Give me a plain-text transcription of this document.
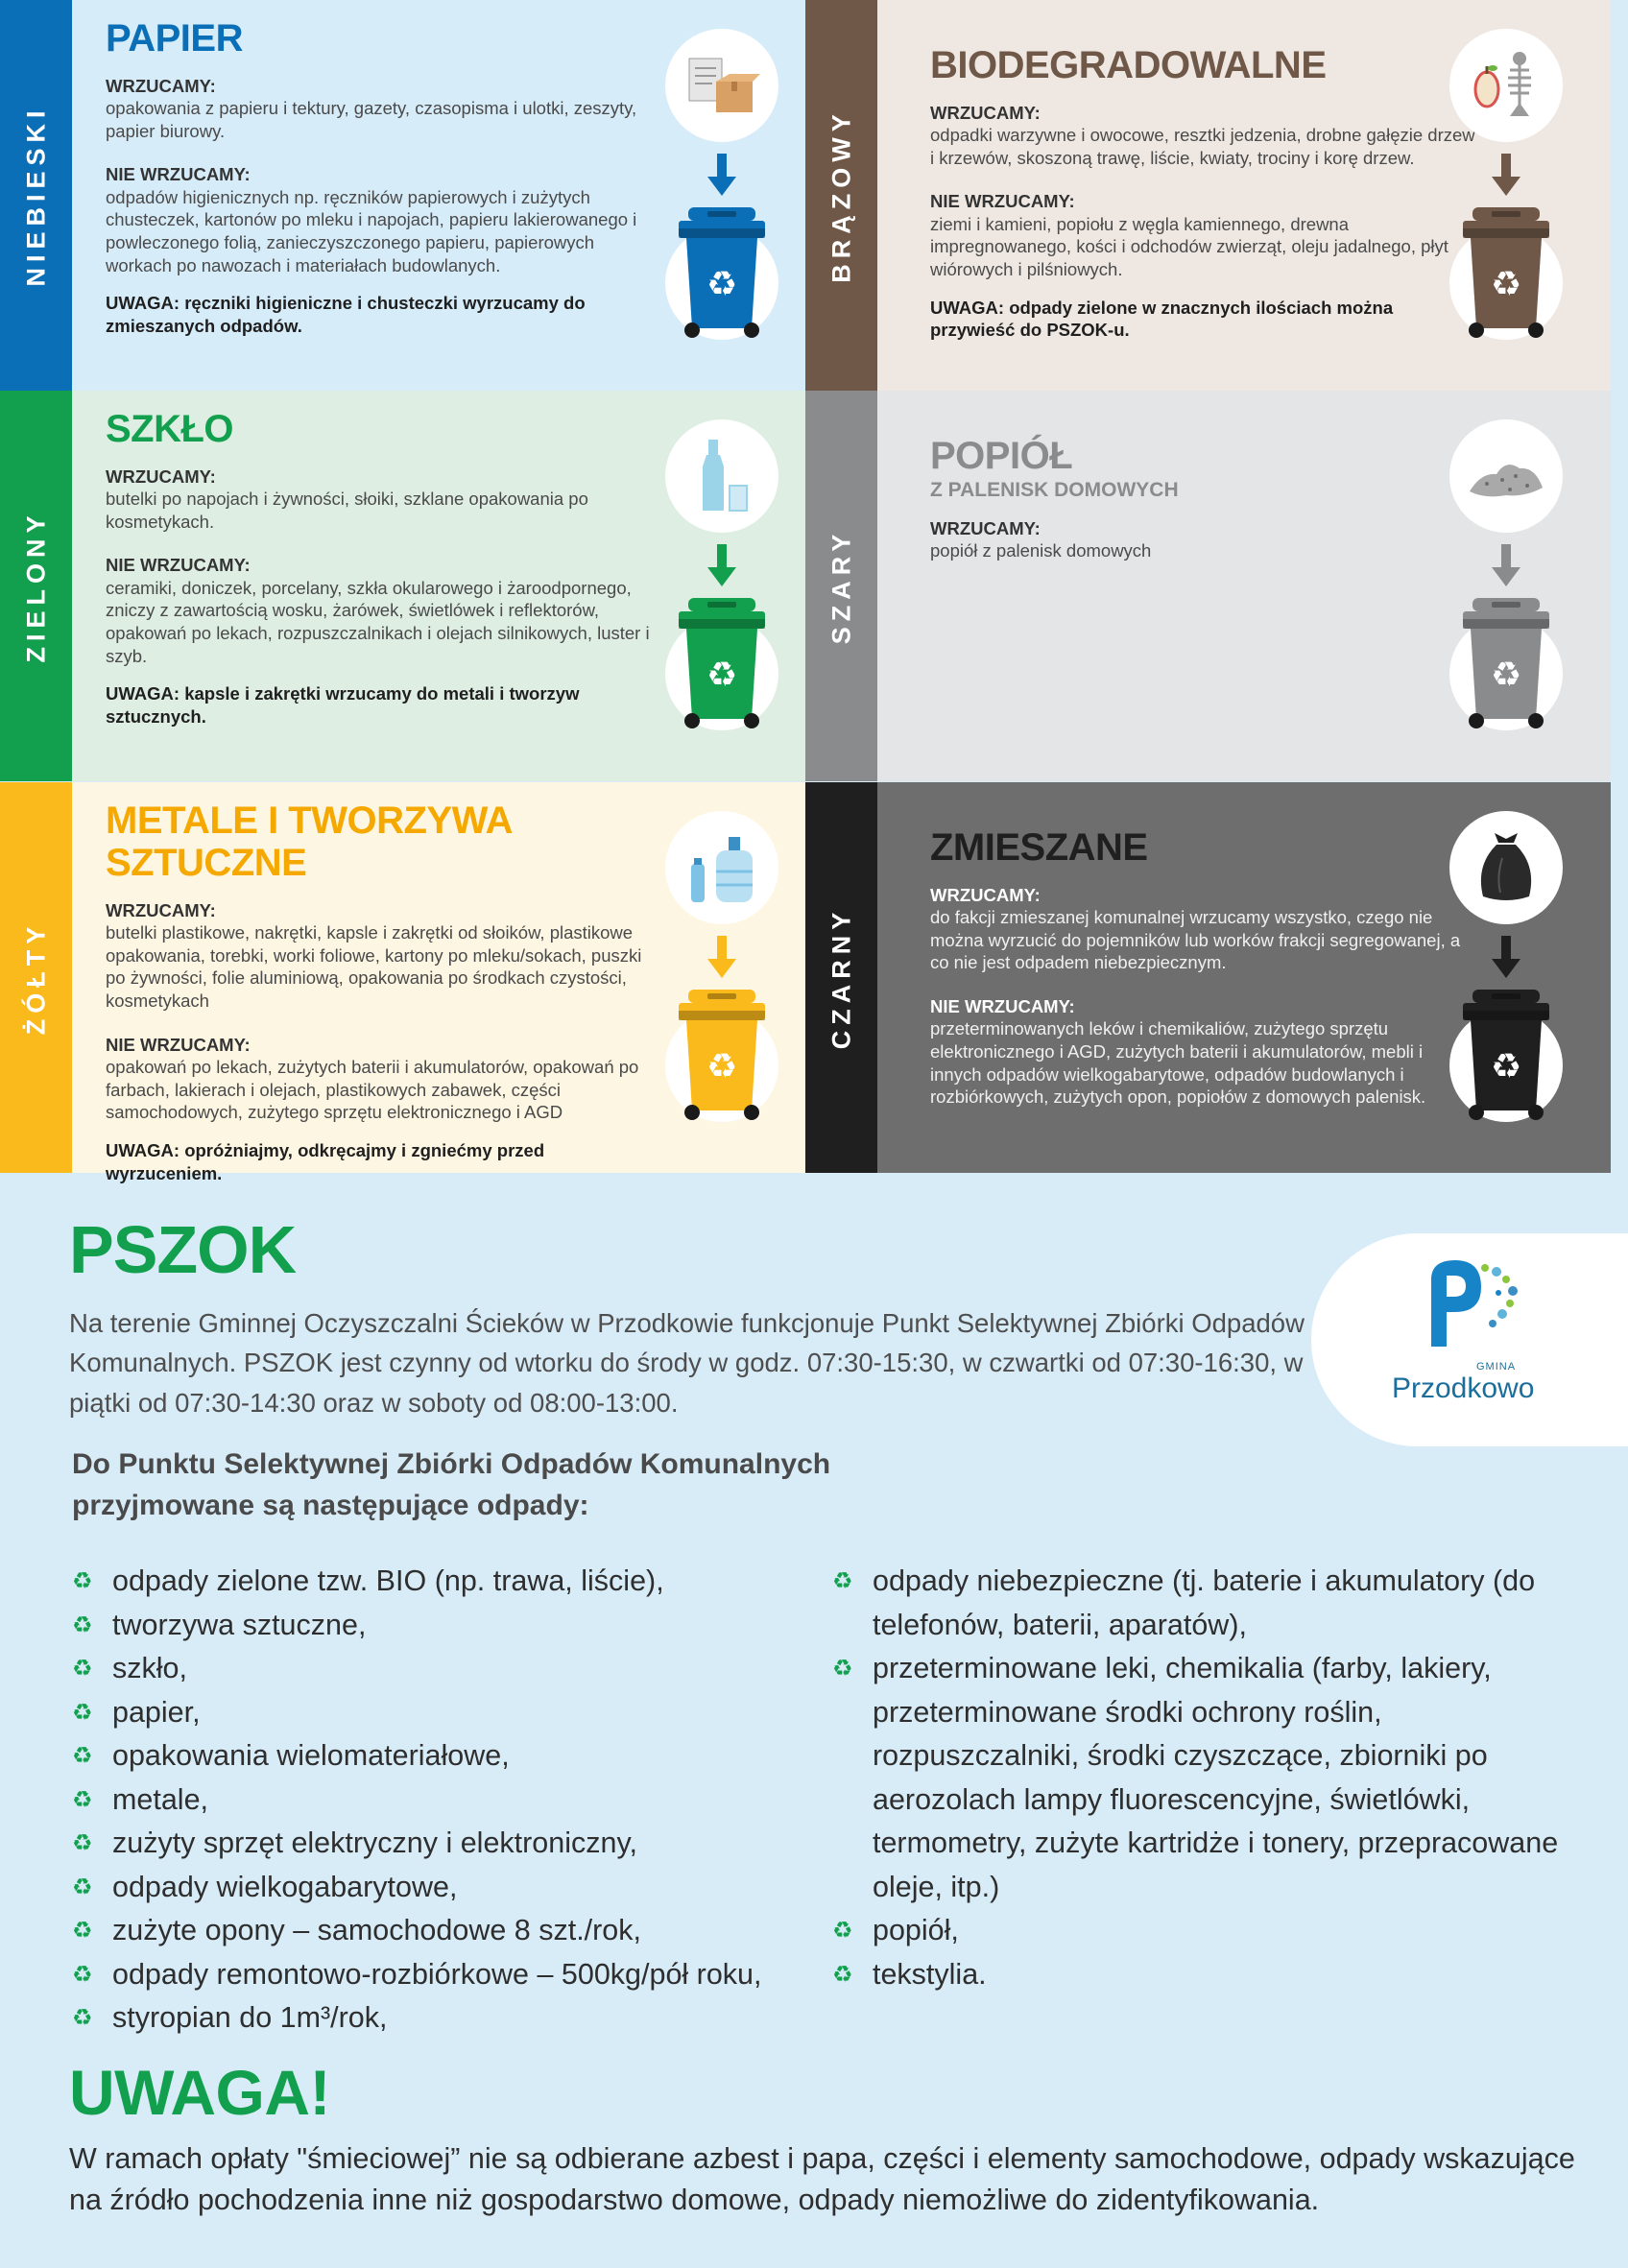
NIEBIESKI
PAPIER
WRZUCAMY:
opakowania z papieru i tektury, gazety, czasopisma i ulotki, zeszyty, papier biurowy.
NIE WRZUCAMY:
odpadów higienicznych np. ręczników papierowych i zużytych chusteczek, kartonów po mleku i napojach, papieru lakierowanego i powleczonego folią, zanieczyszczonego papieru, papierowych workach po nawozach i materiałach budowlanych.
UWAGA: ręczniki higieniczne i chusteczki wyrzucamy do zmieszanych odpadów.
♻
BRĄZOWY
BIODEGRADOWALNE
WRZUCAMY:
odpadki warzywne i owocowe, resztki jedzenia, drobne gałęzie drzew i krzewów, skoszoną trawę, liście, kwiaty, trociny i korę drzew.
NIE WRZUCAMY:
ziemi i kamieni, popiołu z węgla kamiennego, drewna impregnowanego, kości i odchodów zwierząt, oleju jadalnego, płyt wiórowych i pilśniowych.
UWAGA: odpady zielone w znacznych ilościach można przywieść do PSZOK-u.
♻
ZIELONY
SZKŁO
WRZUCAMY:
butelki po napojach i żywności, słoiki, szklane opakowania po kosmetykach.
NIE WRZUCAMY:
ceramiki, doniczek, porcelany, szkła okularowego i żaroodpornego, zniczy z zawartością wosku, żarówek, świetlówek i reflektorów, opakowań po lekach, rozpuszczalnikach i olejach silnikowych, luster i szyb.
UWAGA: kapsle i zakrętki wrzucamy do metali i tworzyw sztucznych.
♻
SZARY
POPIÓŁ
Z PALENISK DOMOWYCH
WRZUCAMY:
popiół z palenisk domowych
♻
ŻÓŁTY
METALE I TWORZYWA SZTUCZNE
WRZUCAMY:
butelki plastikowe, nakrętki, kapsle i zakrętki od słoików, plastikowe opakowania, torebki, worki foliowe, kartony po mleku/sokach, puszki po żywności, folie aluminiową, opakowania po środkach czystości, kosmetykach
NIE WRZUCAMY:
opakowań po lekach, zużytych baterii i akumulatorów, opakowań po farbach, lakierach i olejach, plastikowych zabawek, części samochodowych, zużytego sprzętu elektronicznego i AGD
UWAGA: opróżniajmy, odkręcajmy i zgniećmy przed wyrzuceniem.
♻
CZARNY
ZMIESZANE
WRZUCAMY:
do fakcji zmieszanej komunalnej wrzucamy wszystko, czego nie można wyrzucić do pojemników lub worków frakcji segregowanej, a co nie jest odpadem niebezpiecznym.
NIE WRZUCAMY:
przeterminowanych leków i chemikaliów, zużytego sprzętu elektronicznego i AGD, zużytych baterii i akumulatorów, mebli i innych odpadów wielkogabarytowe, odpadów budowlanych i rozbiórkowych, zużytych opon, popiołów z domowych palenisk.
♻
PSZOK
Na terenie Gminnej Oczyszczalni Ścieków w Przodkowie funkcjonuje Punkt Selektywnej Zbiórki Odpadów Komunalnych. PSZOK jest czynny od wtorku do środy w godz. 07:30-15:30, w czwartki od 07:30-16:30, w piątki od 07:30-14:30 oraz w soboty od 08:00-13:00.
GMINA
Przodkowo
Do Punktu Selektywnej Zbiórki Odpadów Komunalnych przyjmowane są następujące odpady:
♻ odpady zielone tzw. BIO (np. trawa, liście),
♻ tworzywa sztuczne,
♻ szkło,
♻ papier,
♻ opakowania wielomateriałowe,
♻ metale,
♻ zużyty sprzęt elektryczny i elektroniczny,
♻ odpady wielkogabarytowe,
♻ zużyte opony – samochodowe 8 szt./rok,
♻ odpady remontowo-rozbiórkowe – 500kg/pół roku,
♻ styropian do 1m³/rok,
♻ odpady niebezpieczne (tj. baterie i akumulatory (do telefonów, baterii, aparatów),
♻ przeterminowane leki, chemikalia (farby, lakiery, przeterminowane środki ochrony roślin, rozpuszczalniki, środki czyszczące, zbiorniki po aerozolach lampy fluorescencyjne, świetlówki, termometry, zużyte kartridże i tonery, przepracowane oleje, itp.)
♻ popiół,
♻ tekstylia.
UWAGA!
W ramach opłaty "śmieciowej” nie są odbierane azbest i papa, części i elementy samochodowe, odpady wskazujące na źródło pochodzenia inne niż gospodarstwo domowe, odpady niemożliwe do zidentyfikowania.
